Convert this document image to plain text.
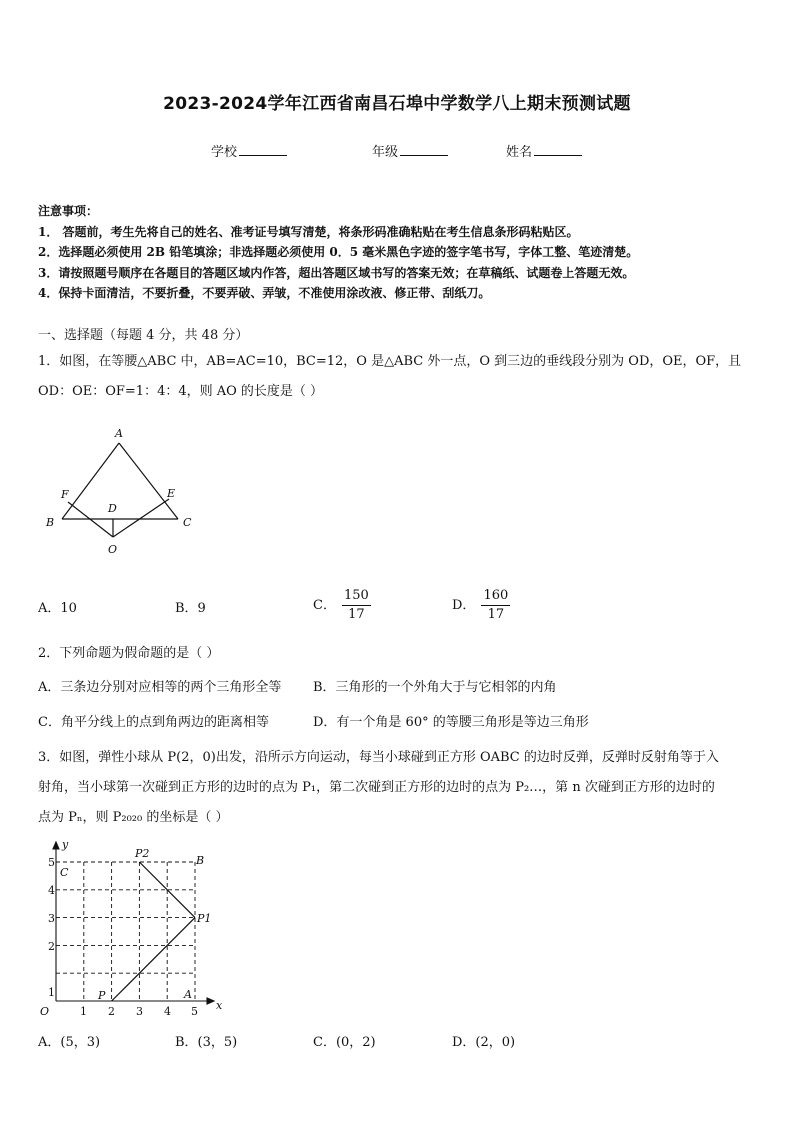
2023-2024学年江西省南昌石埠中学数学八上期末预测试题
学校	年级	姓名
注意事项：
1． 答题前，考生先将自己的姓名、准考证号填写清楚，将条形码准确粘贴在考生信息条形码粘贴区。
2．选择题必须使用 2B 铅笔填涂；非选择题必须使用 0．5 毫米黑色字迹的签字笔书写，字体工整、笔迹清楚。
3．请按照题号顺序在各题目的答题区域内作答，超出答题区域书写的答案无效；在草稿纸、试题卷上答题无效。
4．保持卡面清洁，不要折叠，不要弄破、弄皱，不准使用涂改液、修正带、刮纸刀。
一、选择题（每题 4 分，共 48 分）
1．如图，在等腰△ABC 中，AB=AC=10，BC=12，O 是△ABC 外一点，O 到三边的垂线段分别为 OD，OE，OF，且
OD：OE：OF=1：4：4，则 AO 的长度是（ ）
A
B	C
D
E
F
O
A．10	B．9	C． $\frac{150}{17}$	D． $\frac{160}{17}$
2．下列命题为假命题的是（ ）
A．三条边分别对应相等的两个三角形全等 B．三角形的一个外角大于与它相邻的内角
C．角平分线上的点到角两边的距离相等	D．有一个角是 60° 的等腰三角形是等边三角形
3．如图，弹性小球从 P(2，0)出发，沿所示方向运动，每当小球碰到正方形 OABC 的边时反弹，反弹时反射角等于入
射角，当小球第一次碰到正方形的边时的点为 P₁，第二次碰到正方形的边时的点为 P₂…，第 n 次碰到正方形的边时的
点为 Pₙ，则 P₂₀₂₀ 的坐标是（ ）
1
2
3
4
5
1 2 3 4 5
y
x
O
A
B
C
P
P1
P2
A．(5，3)	B．(3，5)	C．(0，2)	D．(2，0)
